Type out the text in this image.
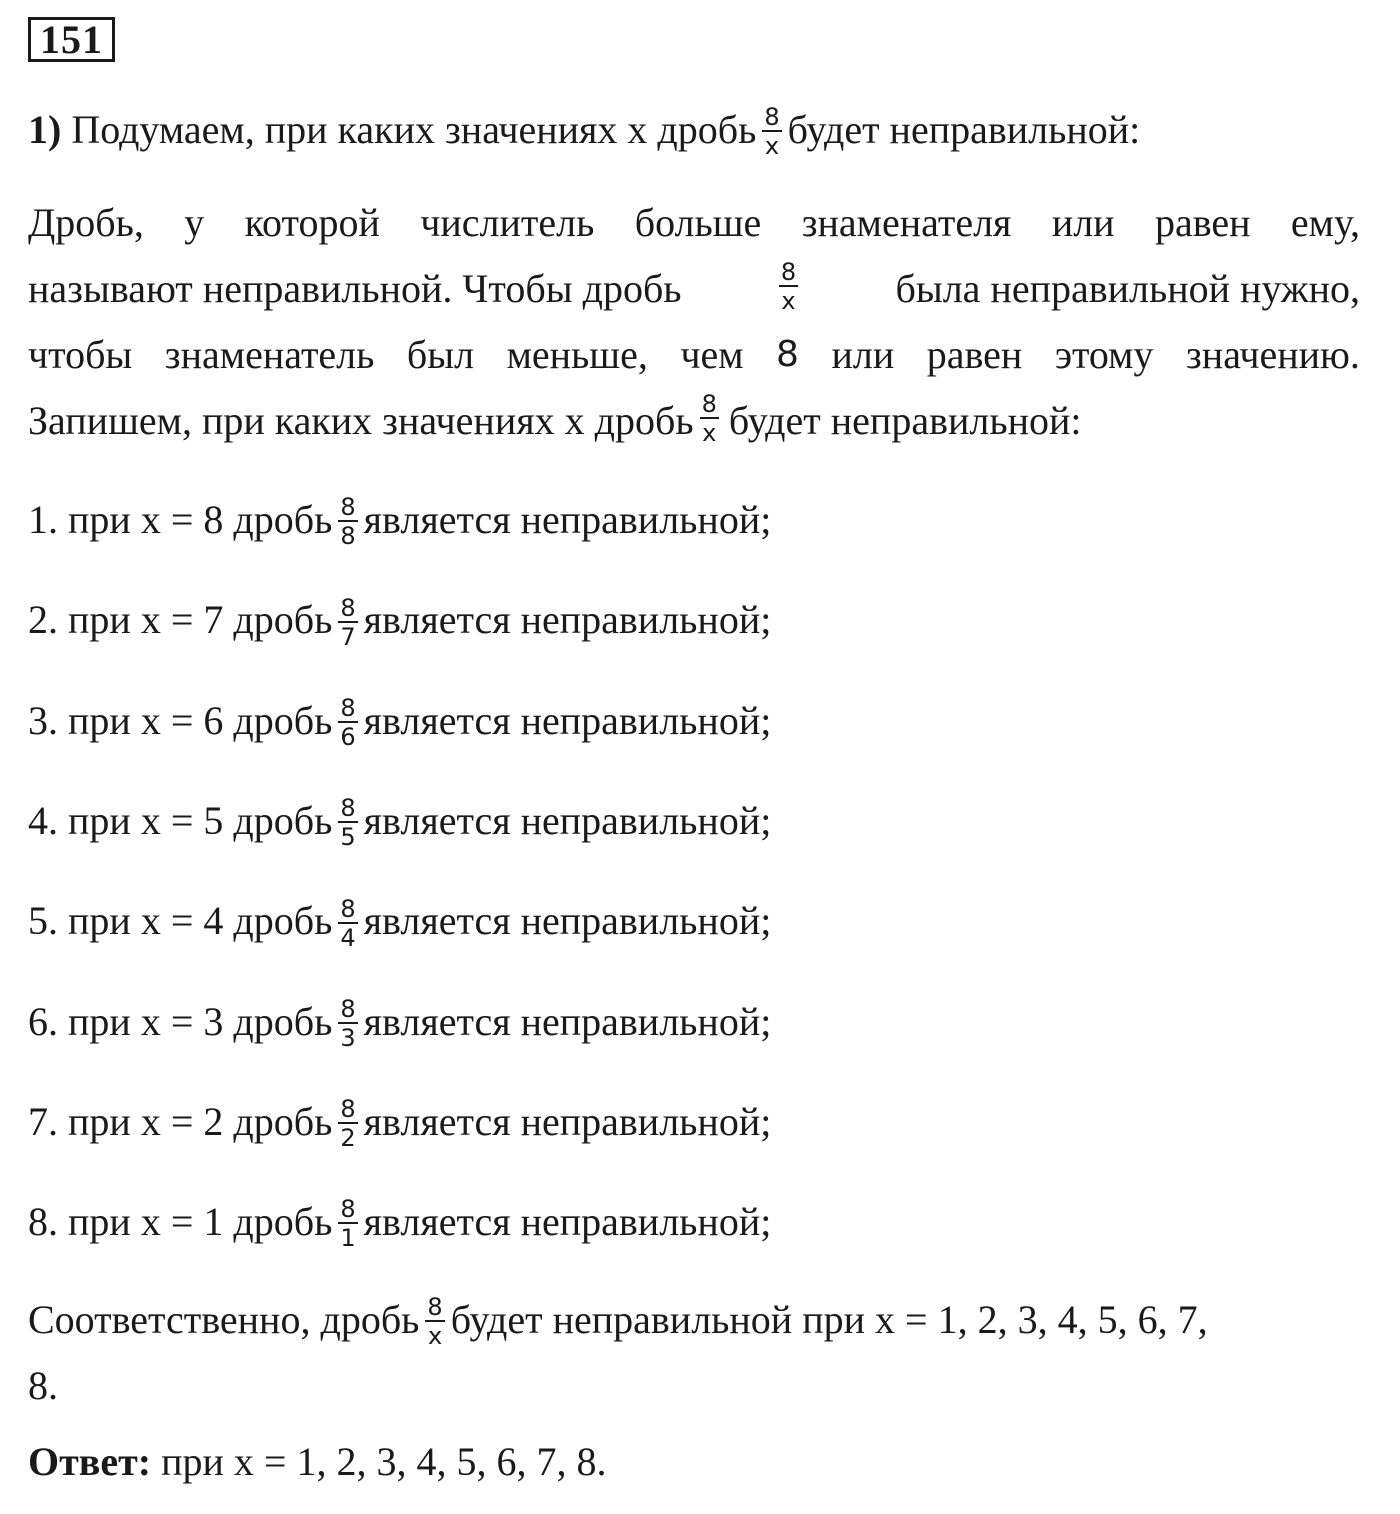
151
1) Подумаем, при каких значениях x дробь $\frac{8}{x}$ будет неправильной:
Дробь, у которой числитель больше знаменателя или равен ему,
называют неправильной. Чтобы дробь	$\frac{8}{x}$ была неправильной нужно,
чтобы знаменатель был меньше, чем 8 или равен этому значению.
Запишем, при каких значениях x дробь $\frac{8}{x}$ будет неправильной:
1. при x = 8 дробь $\frac{8}{8}$ является неправильной;
2. при x = 7 дробь $\frac{8}{7}$ является неправильной;
3. при x = 6 дробь $\frac{8}{6}$ является неправильной;
4. при x = 5 дробь $\frac{8}{5}$ является неправильной;
5. при x = 4 дробь $\frac{8}{4}$ является неправильной;
6. при x = 3 дробь $\frac{8}{3}$ является неправильной;
7. при x = 2 дробь $\frac{8}{2}$ является неправильной;
8. при x = 1 дробь $\frac{8}{1}$ является неправильной;
Соответственно, дробь $\frac{8}{x}$ будет неправильной при x = 1, 2, 3, 4, 5, 6, 7,
8.
Ответ: при x = 1, 2, 3, 4, 5, 6, 7, 8.
